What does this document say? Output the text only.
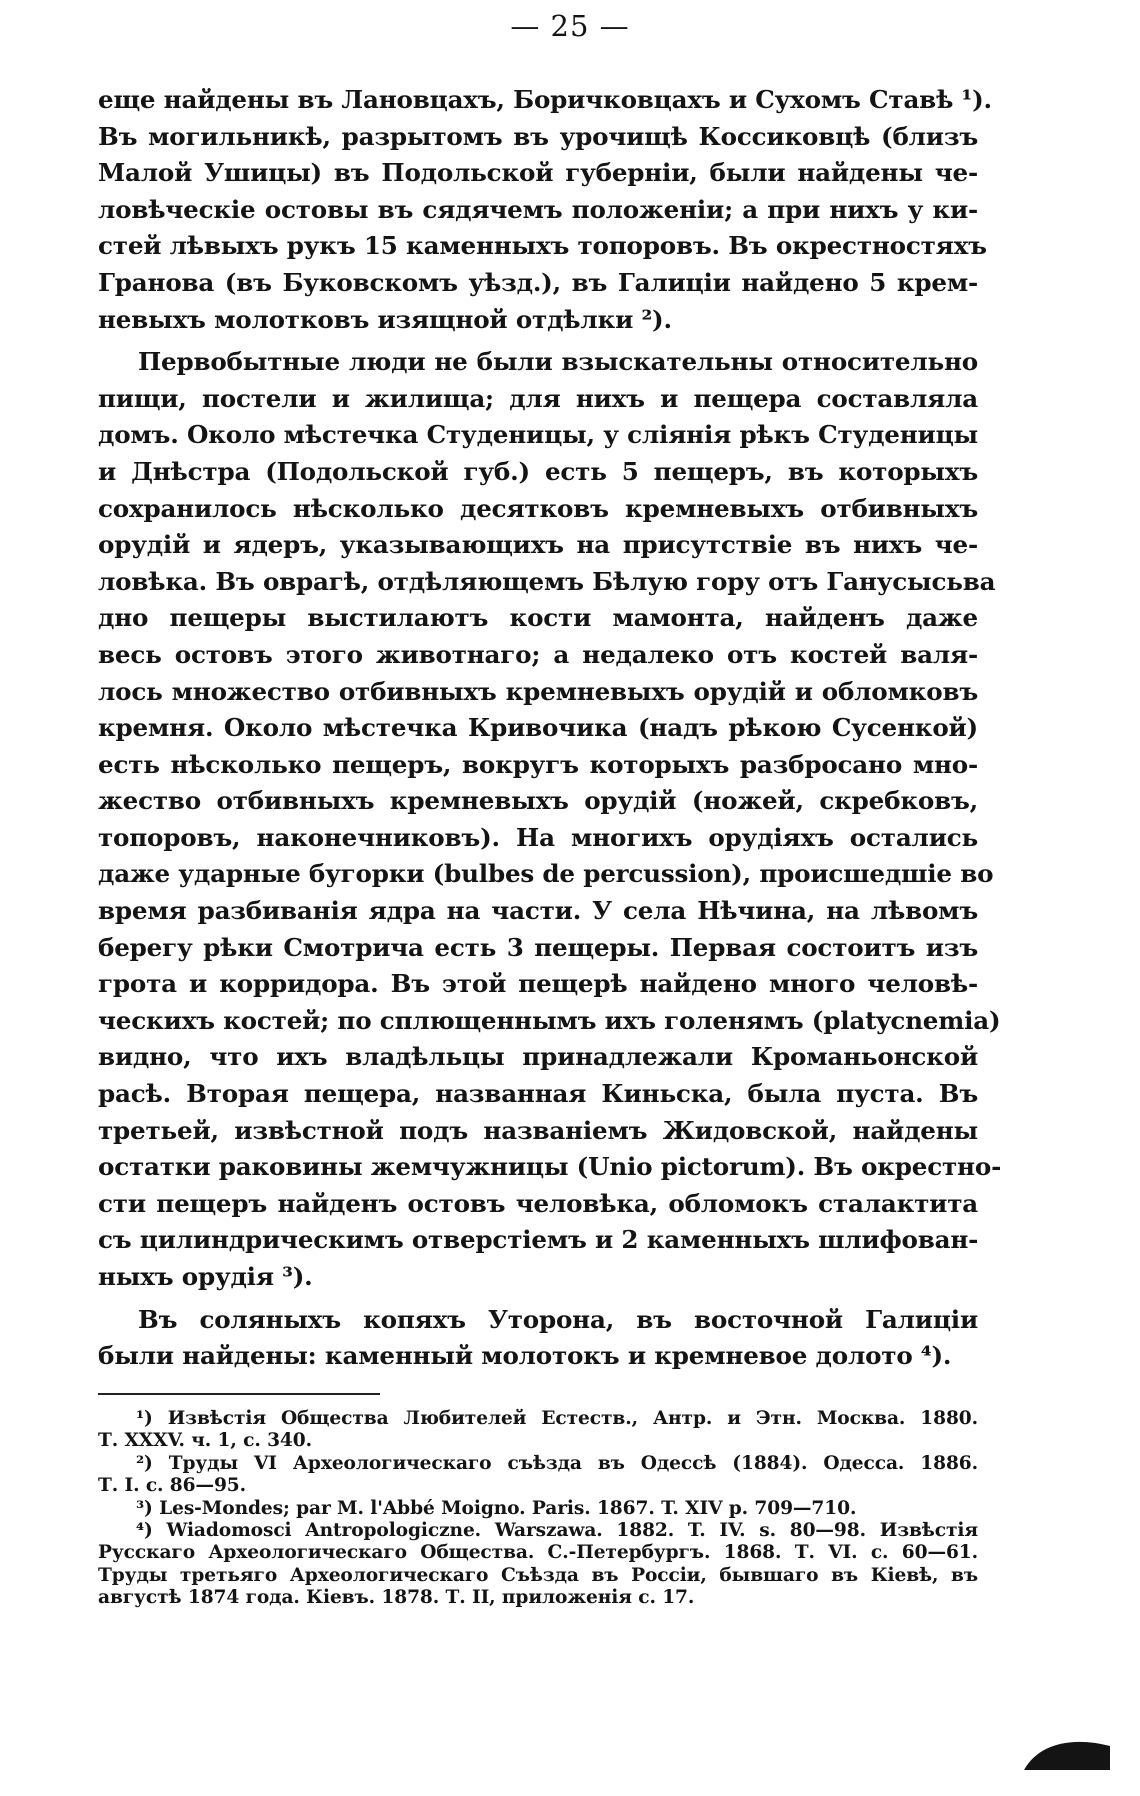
— 25 —
еще найдены въ Лановцахъ, Боричковцахъ и Сухомъ Ставѣ ¹).
Въ могильникѣ, разрытомъ въ урочищѣ Коссиковцѣ (близъ
Малой Ушицы) въ Подольской губерніи, были найдены че-
ловѣческіе остовы въ сядячемъ положеніи; а при нихъ у ки-
стей лѣвыхъ рукъ 15 каменныхъ топоровъ. Въ окрестностяхъ
Гранова (въ Буковскомъ уѣзд.), въ Галиціи найдено 5 крем-
невыхъ молотковъ изящной отдѣлки ²).
Первобытные люди не были взыскательны относительно
пищи, постели и жилища; для нихъ и пещера составляла
домъ. Около мѣстечка Студеницы, у сліянія рѣкъ Студеницы
и Днѣстра (Подольской губ.) есть 5 пещеръ, въ которыхъ
сохранилось нѣсколько десятковъ кремневыхъ отбивныхъ
орудій и ядеръ, указывающихъ на присутствіе въ нихъ че-
ловѣка. Въ оврагѣ, отдѣляющемъ Бѣлую гору отъ Ганусысьва
дно пещеры выстилаютъ кости мамонта, найденъ даже
весь остовъ этого животнаго; а недалеко отъ костей валя-
лось множество отбивныхъ кремневыхъ орудій и обломковъ
кремня. Около мѣстечка Кривочика (надъ рѣкою Сусенкой)
есть нѣсколько пещеръ, вокругъ которыхъ разбросано мно-
жество отбивныхъ кремневыхъ орудій (ножей, скребковъ,
топоровъ, наконечниковъ). На многихъ орудіяхъ остались
даже ударные бугорки (bulbes de percussion), происшедшіе во
время разбиванія ядра на части. У села Нѣчина, на лѣвомъ
берегу рѣки Смотрича есть 3 пещеры. Первая состоитъ изъ
грота и корридора. Въ этой пещерѣ найдено много человѣ-
ческихъ костей; по сплющеннымъ ихъ голенямъ (platycnemia)
видно, что ихъ владѣльцы принадлежали Кроманьонской
расѣ. Вторая пещера, названная Киньска, была пуста. Въ
третьей, извѣстной подъ названіемъ Жидовской, найдены
остатки раковины жемчужницы (Unio pictorum). Въ окрестно-
сти пещеръ найденъ остовъ человѣка, обломокъ сталактита
съ цилиндрическимъ отверстіемъ и 2 каменныхъ шлифован-
ныхъ орудія ³).
Въ соляныхъ копяхъ Уторона, въ восточной Галиціи
были найдены: каменный молотокъ и кремневое долото ⁴).
¹) Извѣстія Общества Любителей Естеств., Антр. и Этн. Москва. 1880.
Т. XXXV. ч. 1, с. 340.
²) Труды VI Археологическаго съѣзда въ Одессѣ (1884). Одесса. 1886.
Т. I. с. 86—95.
³) Les-Mondes; par M. l'Abbé Moigno. Paris. 1867. T. XIV p. 709—710.
⁴) Wiadomosci Antropologiczne. Warszawa. 1882. T. IV. s. 80—98. Извѣстія
Русскаго Археологическаго Общества. С.-Петербургъ. 1868. Т. VI. с. 60—61.
Труды третьяго Археологическаго Съѣзда въ Россіи, бывшаго въ Кіевѣ, въ
августѣ 1874 года. Кіевъ. 1878. Т. II, приложенія с. 17.
